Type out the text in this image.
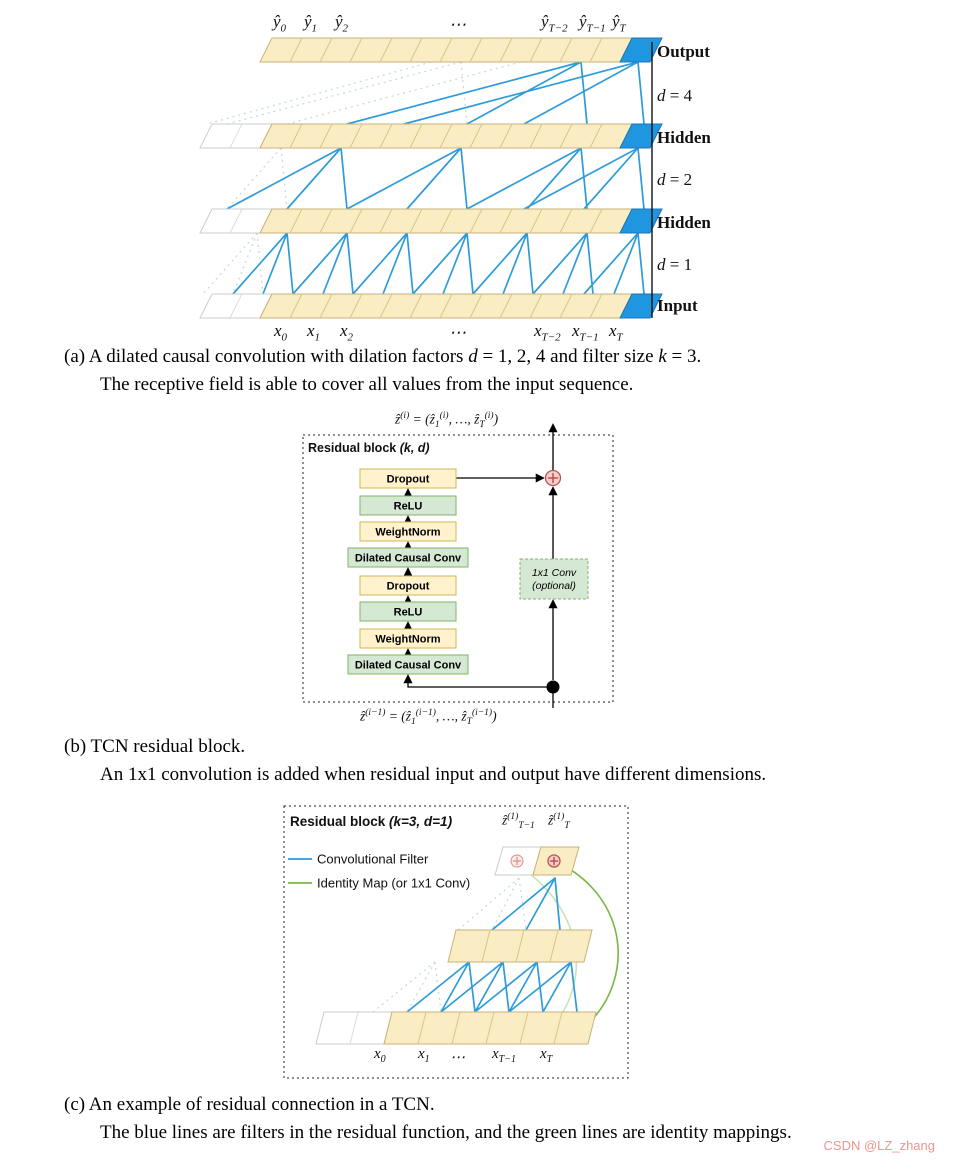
$ŷ_0$ $ŷ_1$ $ŷ_2$	⋯	$ŷ_{T-2}$ $ŷ_{T-1}$ $ŷ_T$
$x_0$ $x_1$ $x_2$	⋯	$x_{T-2}$ $x_{T-1}$ $x_T$
Output
d = 4
Hidden
d = 2
Hidden
d = 1
Input
(a) A dilated causal convolution with dilation factors d = 1, 2, 4 and filter size k = 3.
The receptive field is able to cover all values from the input sequence.
Dropout
ReLU
WeightNorm
Dilated Causal Conv
Dropout
ReLU
WeightNorm
Dilated Causal Conv
1x1 Conv
(optional)
Residual block (k, d)
ẑ$^{(i)}$ = (ẑ$_1^{(i)}$, …, ẑ$_T^{(i)}$)
ẑ$^{(i-1)}$ = (ẑ$_1^{(i-1)}$, …, ẑ$_T^{(i-1)}$)
(b) TCN residual block.
An 1x1 convolution is added when residual input and output have different dimensions.
Convolutional Filter
Identity Map (or 1x1 Conv)
Residual block (k=3, d=1)	ẑ$^{(1)}_{T-1}$ ẑ$^{(1)}_T$
$x_0$ $x_1$ ⋯ $x_{T-1}$ $x_T$
(c) An example of residual connection in a TCN.
The blue lines are filters in the residual function, and the green lines are identity mappings.
CSDN @LZ_zhang
